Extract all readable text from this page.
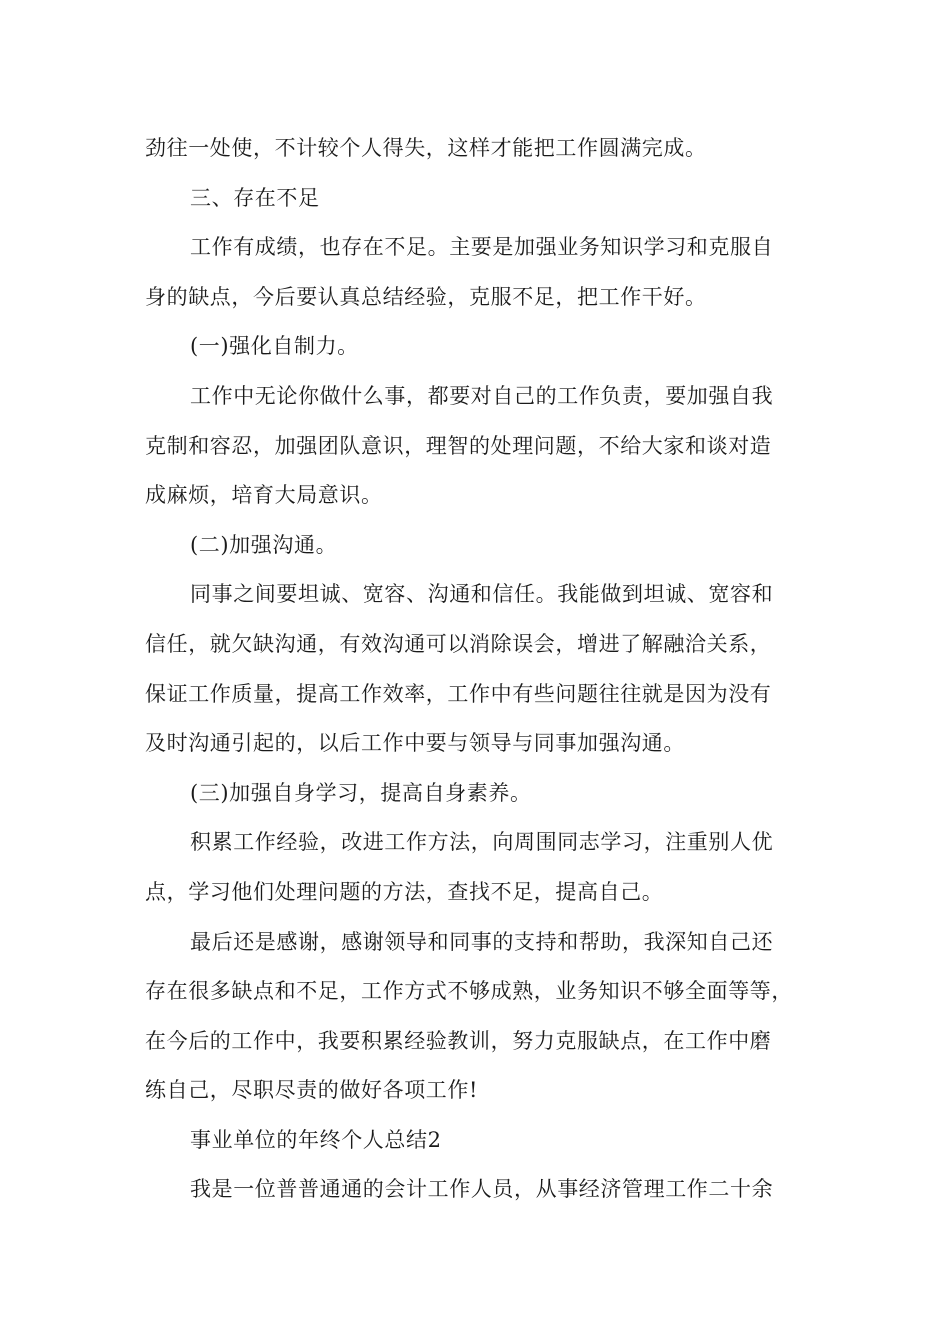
劲往一处使，不计较个人得失，这样才能把工作圆满完成。
三、存在不足
工作有成绩，也存在不足。主要是加强业务知识学习和克服自
身的缺点，今后要认真总结经验，克服不足，把工作干好。
(一)强化自制力。
工作中无论你做什么事，都要对自己的工作负责，要加强自我
克制和容忍，加强团队意识，理智的处理问题，不给大家和谈对造
成麻烦，培育大局意识。
(二)加强沟通。
同事之间要坦诚、宽容、沟通和信任。我能做到坦诚、宽容和
信任，就欠缺沟通，有效沟通可以消除误会，增进了解融洽关系，
保证工作质量，提高工作效率，工作中有些问题往往就是因为没有
及时沟通引起的，以后工作中要与领导与同事加强沟通。
(三)加强自身学习，提高自身素养。
积累工作经验，改进工作方法，向周围同志学习，注重别人优
点，学习他们处理问题的方法，查找不足，提高自己。
最后还是感谢，感谢领导和同事的支持和帮助，我深知自己还
存在很多缺点和不足，工作方式不够成熟，业务知识不够全面等等，
在今后的工作中，我要积累经验教训，努力克服缺点，在工作中磨
练自己，尽职尽责的做好各项工作!
事业单位的年终个人总结2
我是一位普普通通的会计工作人员，从事经济管理工作二十余
